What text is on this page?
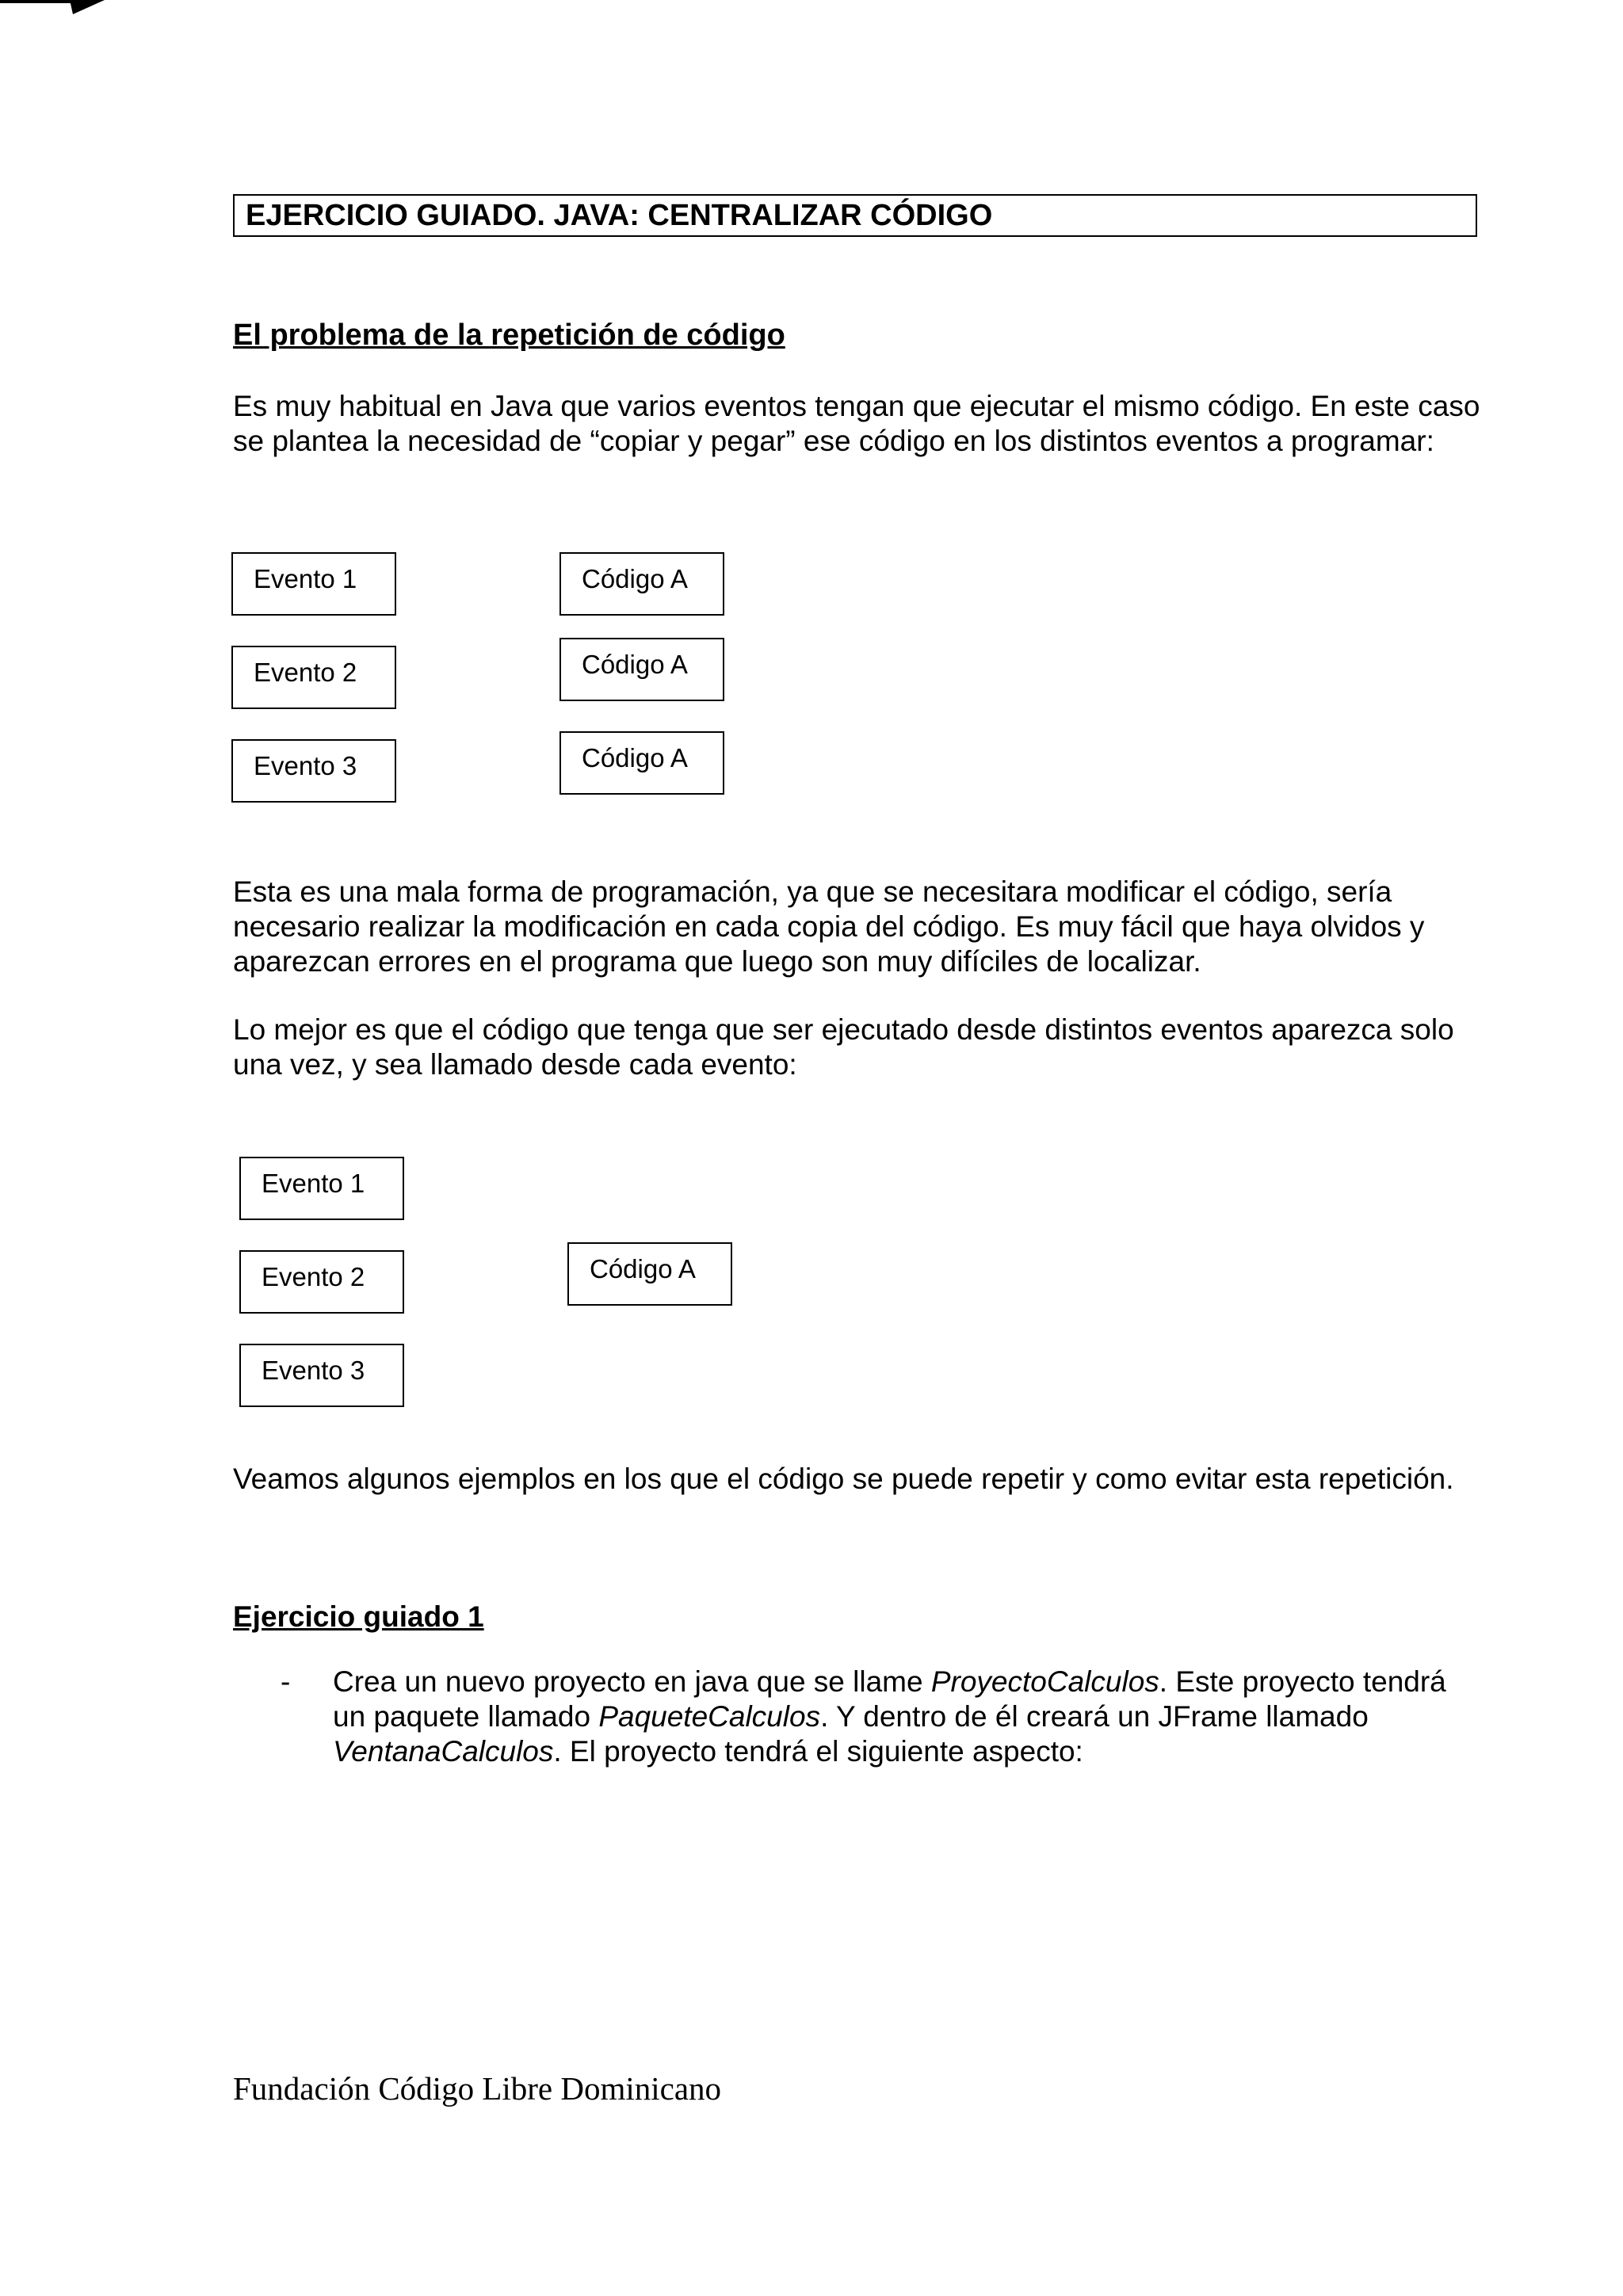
EJERCICIO GUIADO. JAVA: CENTRALIZAR CÓDIGO
El problema de la repetición de código

Es muy habitual en Java que varios eventos tengan que ejecutar el mismo código. En este caso se plantea la necesidad de “copiar y pegar” ese código en los distintos eventos a programar:

Evento 1
Evento 2
Evento 3
Código A
Código A
Código A

Esta es una mala forma de programación, ya que se necesitara modificar el código, sería necesario realizar la modificación en cada copia del código. Es muy fácil que haya olvidos y aparezcan errores en el programa que luego son muy difíciles de localizar.

Lo mejor es que el código que tenga que ser ejecutado desde distintos eventos aparezca solo una vez, y sea llamado desde cada evento:

Evento 1
Evento 2
Evento 3
Código A

Veamos algunos ejemplos en los que el código se puede repetir y como evitar esta repetición.

Ejercicio guiado 1
- Crea un nuevo proyecto en java que se llame ProyectoCalculos. Este proyecto tendrá un paquete llamado PaqueteCalculos. Y dentro de él creará un JFrame llamado VentanaCalculos. El proyecto tendrá el siguiente aspecto:
Fundación Código Libre Dominicano
